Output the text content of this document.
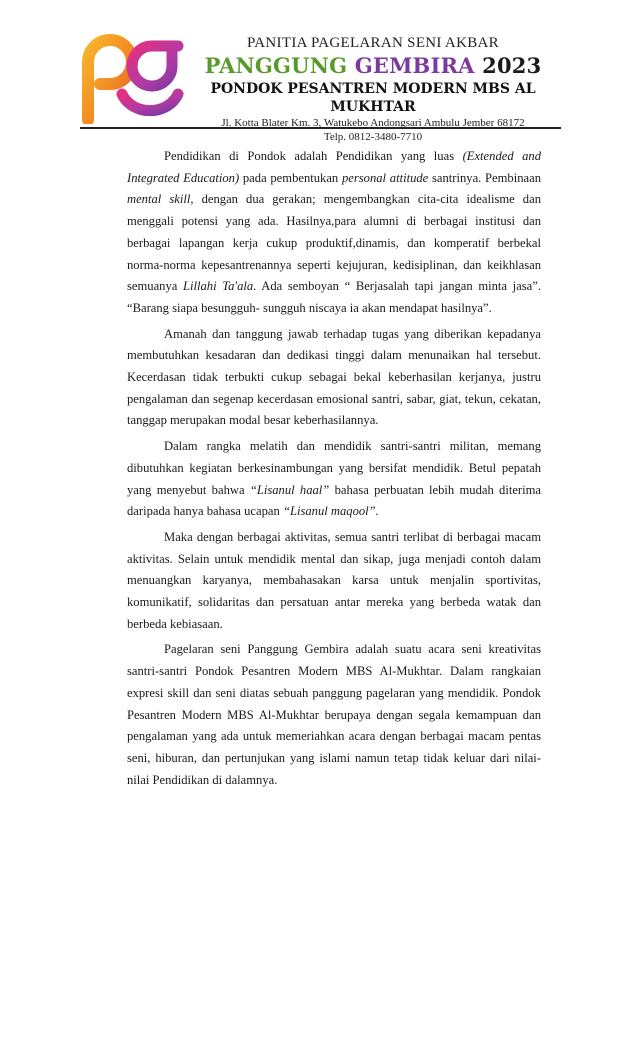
PANITIA PAGELARAN SENI AKBAR
PANGGUNG GEMBIRA 2023
PONDOK PESANTREN MODERN MBS AL MUKHTAR
Jl. Kotta Blater Km. 3, Watukebo Andongsari Ambulu Jember 68172
Telp. 0812-3480-7710

Pendidikan di Pondok adalah Pendidikan yang luas (Extended and Integrated Education) pada pembentukan personal attitude santrinya. Pembinaan mental skill, dengan dua gerakan; mengembangkan cita-cita idealisme dan menggali potensi yang ada. Hasilnya,para alumni di berbagai institusi dan berbagai lapangan kerja cukup produktif,dinamis, dan komperatif berbekal norma-norma kepesantrenannya seperti kejujuran, kedisiplinan, dan keikhlasan semuanya Lillahi Ta'ala. Ada semboyan “ Berjasalah tapi jangan minta jasa”. “Barang siapa besungguh- sungguh niscaya ia akan mendapat hasilnya”.

Amanah dan tanggung jawab terhadap tugas yang diberikan kepadanya membutuhkan kesadaran dan dedikasi tinggi dalam menunaikan hal tersebut. Kecerdasan tidak terbukti cukup sebagai bekal keberhasilan kerjanya, justru pengalaman dan segenap kecerdasan emosional santri, sabar, giat, tekun, cekatan, tanggap merupakan modal besar keberhasilannya.

Dalam rangka melatih dan mendidik santri-santri militan, memang dibutuhkan kegiatan berkesinambungan yang bersifat mendidik. Betul pepatah yang menyebut bahwa “Lisanul haal” bahasa perbuatan lebih mudah diterima daripada hanya bahasa ucapan “Lisanul maqool”.

Maka dengan berbagai aktivitas, semua santri terlibat di berbagai macam aktivitas. Selain untuk mendidik mental dan sikap, juga menjadi contoh dalam menuangkan karyanya, membahasakan karsa untuk menjalin sportivitas, komunikatif, solidaritas dan persatuan antar mereka yang berbeda watak dan berbeda kebiasaan.

Pagelaran seni Panggung Gembira adalah suatu acara seni kreativitas santri-santri Pondok Pesantren Modern MBS Al-Mukhtar. Dalam rangkaian expresi skill dan seni diatas sebuah panggung pagelaran yang mendidik. Pondok Pesantren Modern MBS Al-Mukhtar berupaya dengan segala kemampuan dan pengalaman yang ada untuk memeriahkan acara dengan berbagai macam pentas seni, hiburan, dan pertunjukan yang islami namun tetap tidak keluar dari nilai-nilai Pendidikan di dalamnya.
